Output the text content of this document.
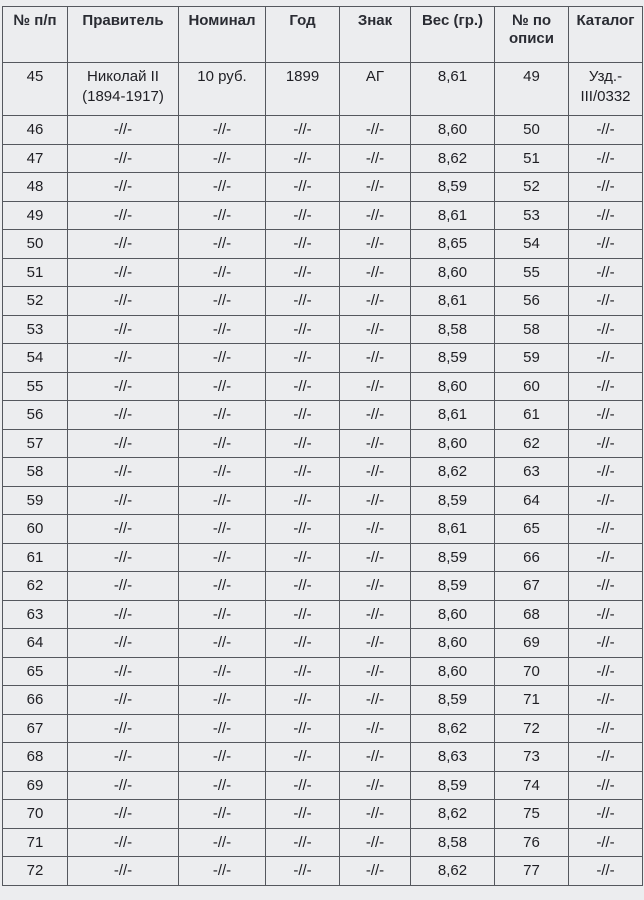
№ п/п	Правитель	Номинал	Год	Знак	Вес (гр.)	№ по описи	Каталог
45	Николай II (1894-1917)	10 руб.	1899	АГ	8,61	49	Узд.- III/0332
46	-//-	-//-	-//-	-//-	8,60	50	-//-
47	-//-	-//-	-//-	-//-	8,62	51	-//-
48	-//-	-//-	-//-	-//-	8,59	52	-//-
49	-//-	-//-	-//-	-//-	8,61	53	-//-
50	-//-	-//-	-//-	-//-	8,65	54	-//-
51	-//-	-//-	-//-	-//-	8,60	55	-//-
52	-//-	-//-	-//-	-//-	8,61	56	-//-
53	-//-	-//-	-//-	-//-	8,58	58	-//-
54	-//-	-//-	-//-	-//-	8,59	59	-//-
55	-//-	-//-	-//-	-//-	8,60	60	-//-
56	-//-	-//-	-//-	-//-	8,61	61	-//-
57	-//-	-//-	-//-	-//-	8,60	62	-//-
58	-//-	-//-	-//-	-//-	8,62	63	-//-
59	-//-	-//-	-//-	-//-	8,59	64	-//-
60	-//-	-//-	-//-	-//-	8,61	65	-//-
61	-//-	-//-	-//-	-//-	8,59	66	-//-
62	-//-	-//-	-//-	-//-	8,59	67	-//-
63	-//-	-//-	-//-	-//-	8,60	68	-//-
64	-//-	-//-	-//-	-//-	8,60	69	-//-
65	-//-	-//-	-//-	-//-	8,60	70	-//-
66	-//-	-//-	-//-	-//-	8,59	71	-//-
67	-//-	-//-	-//-	-//-	8,62	72	-//-
68	-//-	-//-	-//-	-//-	8,63	73	-//-
69	-//-	-//-	-//-	-//-	8,59	74	-//-
70	-//-	-//-	-//-	-//-	8,62	75	-//-
71	-//-	-//-	-//-	-//-	8,58	76	-//-
72	-//-	-//-	-//-	-//-	8,62	77	-//-
